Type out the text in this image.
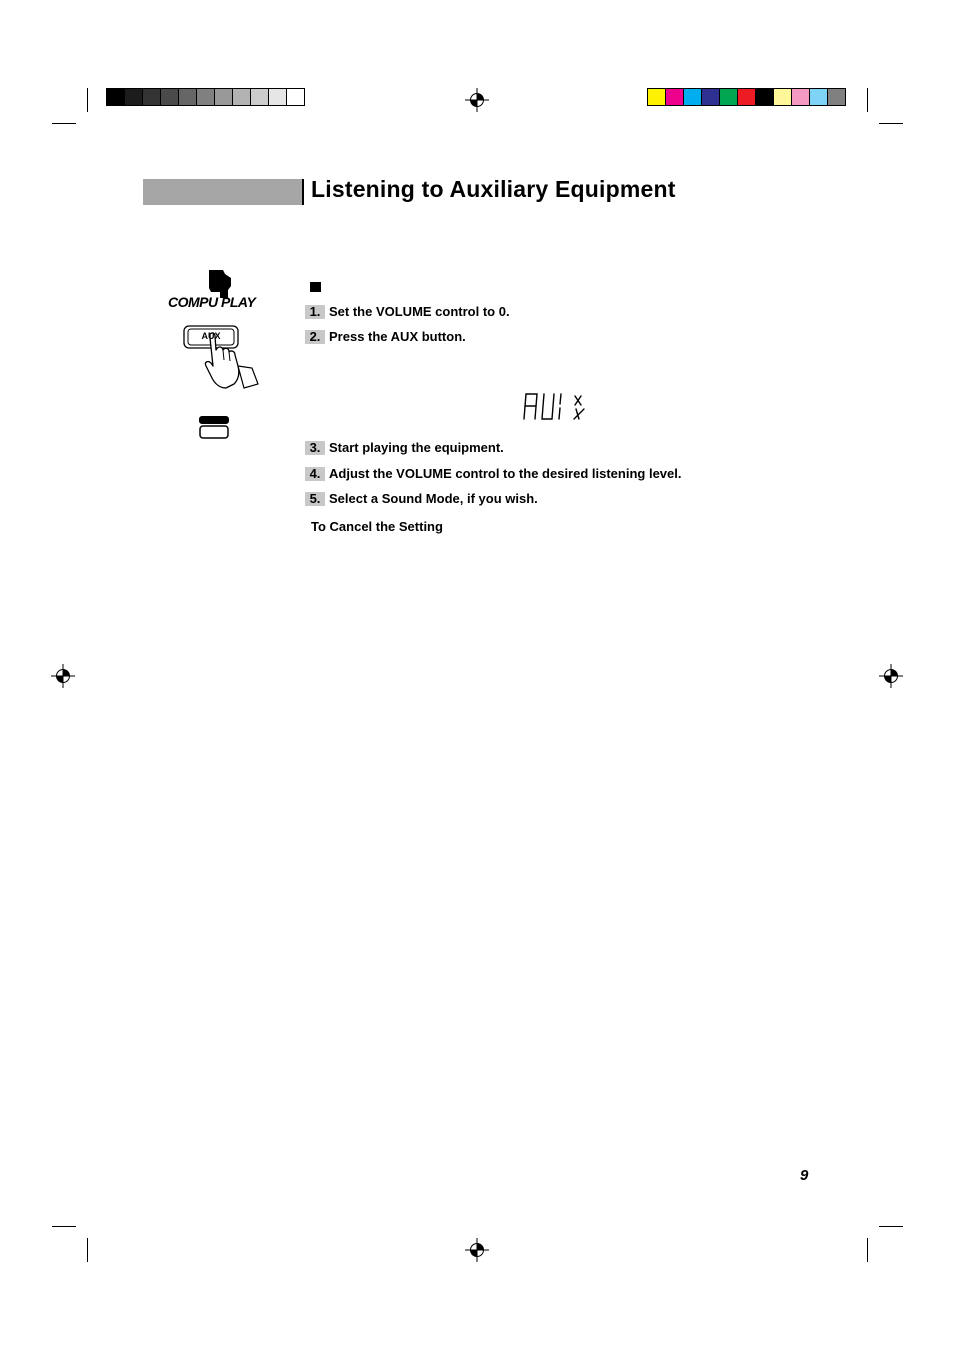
Listening to Auxiliary Equipment
COMPU PLAY
AUX
1. Set the VOLUME control to 0.
2. Press the AUX button.
3. Start playing the equipment.
4. Adjust the VOLUME control to the desired listening level.
5. Select a Sound Mode, if you wish.
To Cancel the Setting
9
